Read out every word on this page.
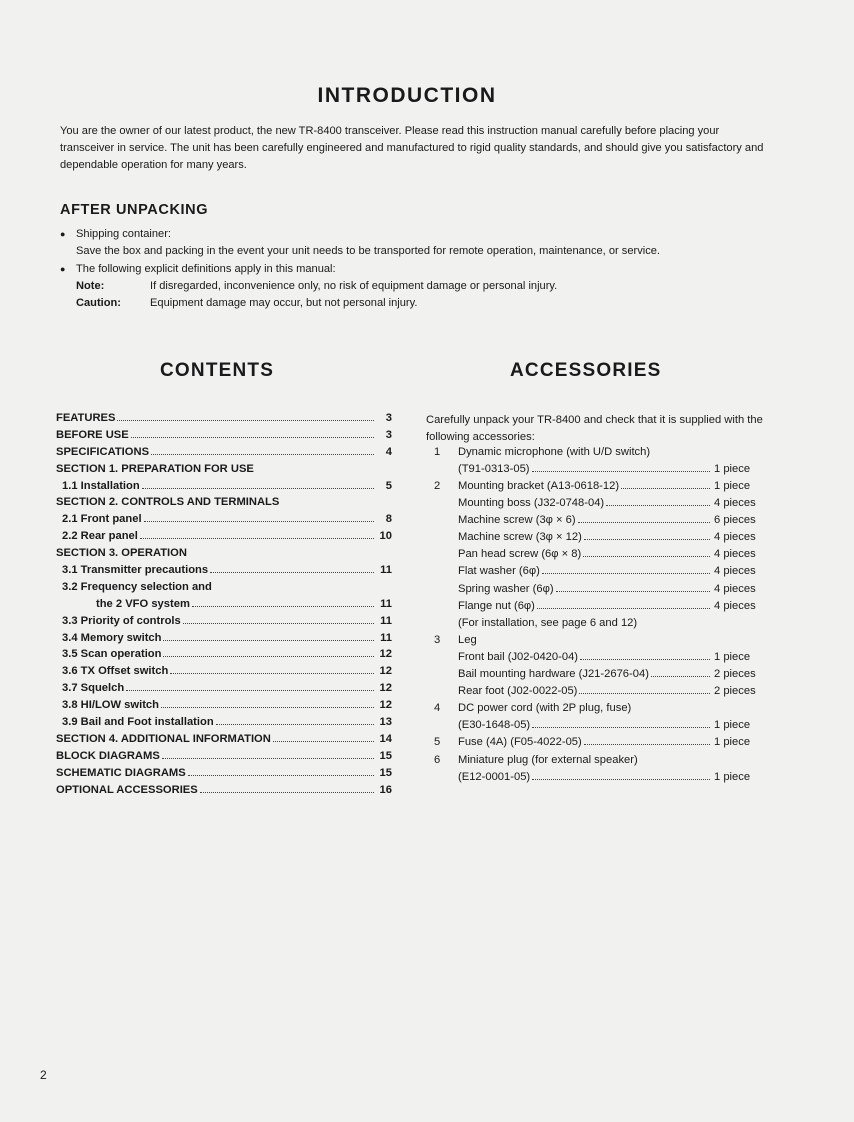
INTRODUCTION

You are the owner of our latest product, the new TR-8400 transceiver. Please read this instruction manual carefully before placing your transceiver in service. The unit has been carefully engineered and manufactured to rigid quality standards, and should give you satisfactory and dependable operation for many years.

AFTER UNPACKING
● Shipping container:
Save the box and packing in the event your unit needs to be transported for remote operation, maintenance, or service.
● The following explicit definitions apply in this manual:
Note:	If disregarded, inconvenience only, no risk of equipment damage or personal injury.
Caution:	Equipment damage may occur, but not personal injury.
CONTENTS	ACCESSORIES
FEATURES	3
BEFORE USE	3
SPECIFICATIONS	4
SECTION 1. PREPARATION FOR USE
1.1 Installation	5
SECTION 2. CONTROLS AND TERMINALS
2.1 Front panel	8
2.2 Rear panel	10
SECTION 3. OPERATION
3.1 Transmitter precautions	11
3.2 Frequency selection and
the 2 VFO system	11
3.3 Priority of controls	11
3.4 Memory switch	11
3.5 Scan operation	12
3.6 TX Offset switch	12
3.7 Squelch	12
3.8 HI/LOW switch	12
3.9 Bail and Foot installation	13
SECTION 4. ADDITIONAL INFORMATION	14
BLOCK DIAGRAMS	15
SCHEMATIC DIAGRAMS	15
OPTIONAL ACCESSORIES	16
Carefully unpack your TR-8400 and check that it is supplied with the following accessories:
1	Dynamic microphone (with U/D switch)
(T91-0313-05)	1 piece
2	Mounting bracket (A13-0618-12)	1 piece
Mounting boss (J32-0748-04)	4 pieces
Machine screw (3φ × 6)	6 pieces
Machine screw (3φ × 12)	4 pieces
Pan head screw (6φ × 8)	4 pieces
Flat washer (6φ)	4 pieces
Spring washer (6φ)	4 pieces
Flange nut (6φ)	4 pieces
(For installation, see page 6 and 12)
3	Leg
Front bail (J02-0420-04)	1 piece
Bail mounting hardware (J21-2676-04)	2 pieces
Rear foot (J02-0022-05)	2 pieces
4	DC power cord (with 2P plug, fuse)
(E30-1648-05)	1 piece
5	Fuse (4A) (F05-4022-05)	1 piece
6	Miniature plug (for external speaker)
(E12-0001-05)	1 piece
2
